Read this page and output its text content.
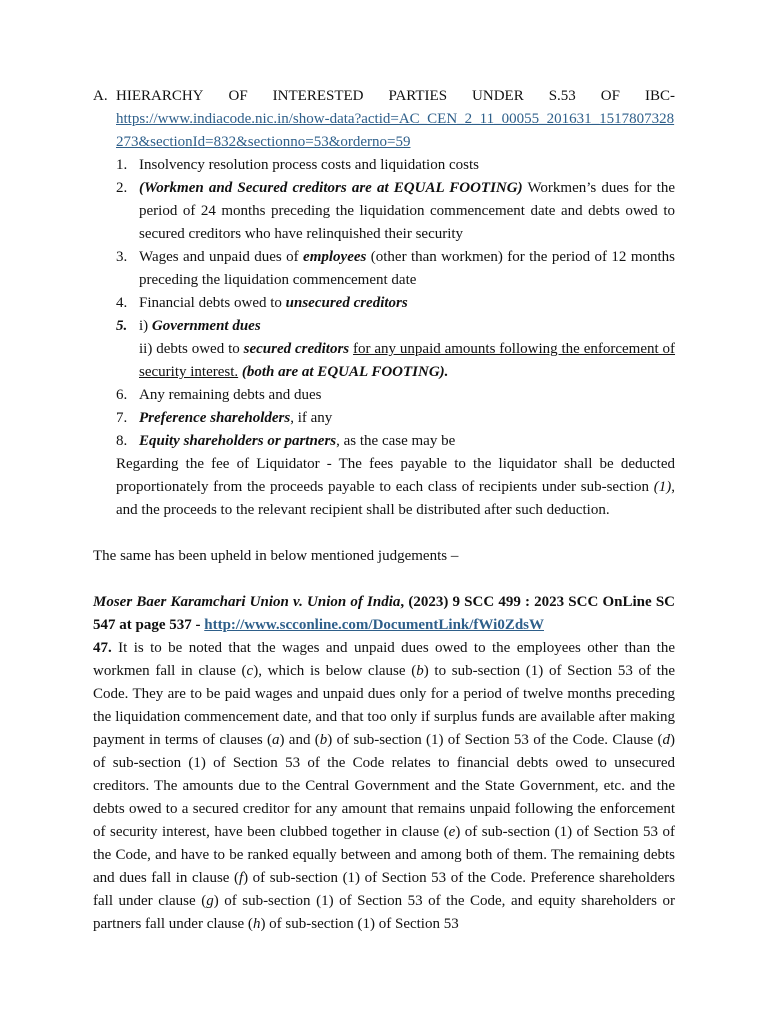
A. HIERARCHY OF INTERESTED PARTIES UNDER S.53 OF IBC-
https://www.indiacode.nic.in/show-data?actid=AC_CEN_2_11_00055_201631_1517807328273&sectionId=832&sectionno=53&orderno=59
1. Insolvency resolution process costs and liquidation costs
2. (Workmen and Secured creditors are at EQUAL FOOTING) Workmen’s dues for the period of 24 months preceding the liquidation commencement date and debts owed to secured creditors who have relinquished their security
3. Wages and unpaid dues of employees (other than workmen) for the period of 12 months preceding the liquidation commencement date
4. Financial debts owed to unsecured creditors
5. i) Government dues
ii) debts owed to secured creditors for any unpaid amounts following the enforcement of security interest. (both are at EQUAL FOOTING).
6. Any remaining debts and dues
7. Preference shareholders, if any
8. Equity shareholders or partners, as the case may be

Regarding the fee of Liquidator - The fees payable to the liquidator shall be deducted proportionately from the proceeds payable to each class of recipients under sub-section (1), and the proceeds to the relevant recipient shall be distributed after such deduction.

The same has been upheld in below mentioned judgements –

Moser Baer Karamchari Union v. Union of India, (2023) 9 SCC 499 : 2023 SCC OnLine SC 547 at page 537 - http://www.scconline.com/DocumentLink/fWi0ZdsW

47. It is to be noted that the wages and unpaid dues owed to the employees other than the workmen fall in clause (c), which is below clause (b) to sub-section (1) of Section 53 of the Code. They are to be paid wages and unpaid dues only for a period of twelve months preceding the liquidation commencement date, and that too only if surplus funds are available after making payment in terms of clauses (a) and (b) of sub-section (1) of Section 53 of the Code. Clause (d) of sub-section (1) of Section 53 of the Code relates to financial debts owed to unsecured creditors. The amounts due to the Central Government and the State Government, etc. and the debts owed to a secured creditor for any amount that remains unpaid following the enforcement of security interest, have been clubbed together in clause (e) of sub-section (1) of Section 53 of the Code, and have to be ranked equally between and among both of them. The remaining debts and dues fall in clause (f) of sub-section (1) of Section 53 of the Code. Preference shareholders fall under clause (g) of sub-section (1) of Section 53 of the Code, and equity shareholders or partners fall under clause (h) of sub-section (1) of Section 53
